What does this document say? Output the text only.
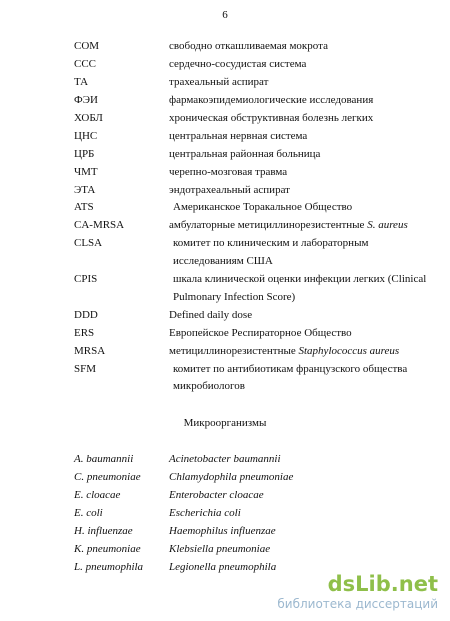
6
СОМ	свободно откашливаемая мокрота
ССС	сердечно-сосудистая система
ТА	трахеальный аспират
ФЭИ	фармакоэпидемиологические исследования
ХОБЛ	хроническая обструктивная болезнь легких
ЦНС	центральная нервная система
ЦРБ	центральная районная больница
ЧМТ	черепно-мозговая травма
ЭТА	эндотрахеальный аспират
ATS	Американское Торакальное Общество
CA-MRSA	амбулаторные метициллинорезистентные S. aureus
CLSA	комитет по клиническим и лабораторным
исследованиям США
CPIS	шкала клинической оценки инфекции легких (Clinical
Pulmonary Infection Score)
DDD	Defined daily dose
ERS	Европейское Респираторное Общество
MRSA	метициллинорезистентные Staphylococcus aureus
SFM	комитет по антибиотикам французского общества
микробиологов
Микроорганизмы
A. baumannii	Acinetobacter baumannii
C. pneumoniae	Chlamydophila pneumoniae
E. cloacae	Enterobacter cloacae
E. coli	Escherichia coli
H. influenzae	Haemophilus influenzae
K. pneumoniae	Klebsiella pneumoniae
L. pneumophila Legionella pneumophila
dsLib.net
библиотека диссертаций
